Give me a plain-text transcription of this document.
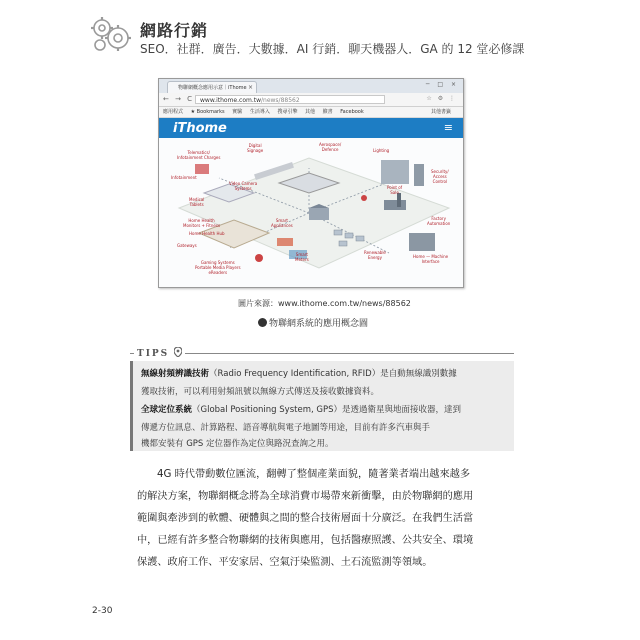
網路行銷
SEO．社群．廣告．大數據．AI 行銷．聊天機器人．GA 的 12 堂必修課
物聯網概念應用示意｜iThome ×	─ □ ×
← → C www.ithome.com.tw/news/88562	☆ ⚙ ⋮
應用程式 ★ Bookmarks 實驗 生活導入 搜尋引擎 其他 臉書 Facebook	其他書籤
iThome	≡
Telematics/
Infotainment Charges
Digital
Signage
Aerospace/
Defence	Lighting
Infotainment
Video Camera
Systems
Security/
Access
Control
Medical
Tablets
Point of
Sale
Smart
Appliances
Home Health
Monitors + Fitness
Home Health Hub
Factory
Automation
Gateways
Smart
Meters
Renewable
Energy	Home — Machine
Interface
Gaming Systems
Portable Media Players
eReaders
圖片來源：www.ithome.com.tw/news/88562
物聯網系統的應用概念圖
TIPS
無線射頻辨識技術（Radio Frequency Identification, RFID）是自動無線識別數據
獲取技術，可以利用射頻訊號以無線方式傳送及接收數據資料。
全球定位系統（Global Positioning System, GPS）是透過衛星與地面接收器，達到
傳遞方位訊息、計算路程、語音導航與電子地圖等用途，目前有許多汽車與手
機都安裝有 GPS 定位器作為定位與路況查詢之用。

4G 時代帶動數位匯流，翻轉了整個產業面貌，隨著業者端出越來越多

的解決方案，物聯網概念將為全球消費市場帶來新衝擊，由於物聯網的應用

範圍與牽涉到的軟體、硬體與之間的整合技術層面十分廣泛。在我們生活當

中，已經有許多整合物聯網的技術與應用，包括醫療照護、公共安全、環境

保護、政府工作、平安家居、空氣汙染監測、土石流監測等領域。

2-30
